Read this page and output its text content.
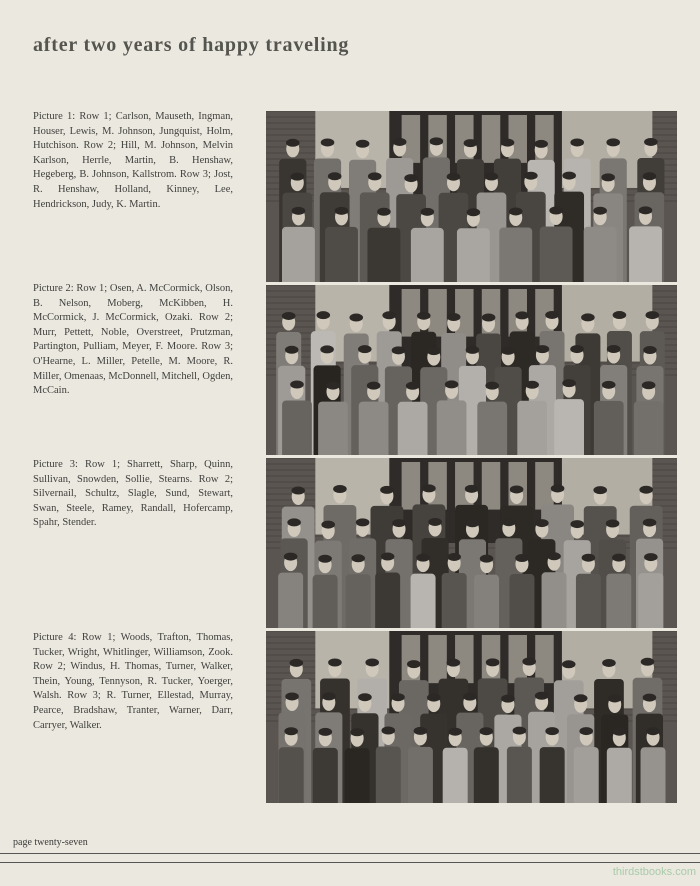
after two years of happy traveling
Picture 1: Row 1; Carlson, Mauseth, Ingman, Houser, Lewis, M. Johnson, Jungquist, Holm, Hutchison. Row 2; Hill, M. Johnson, Melvin Karlson, Herrle, Martin, B. Henshaw, Hegeberg, B. Johnson, Kallstrom. Row 3; Jost, R. Henshaw, Holland, Kinney, Lee, Hendrickson, Judy, K. Martin.
Picture 2: Row 1; Osen, A. McCormick, Olson, B. Nelson, Moberg, McKibben, H. McCormick, J. McCormick, Ozaki. Row 2; Murr, Pettett, Noble, Overstreet, Prutzman, Partington, Pulliam, Meyer, F. Moore. Row 3; O'Hearne, L. Miller, Petelle, M. Moore, R. Miller, Omenaas, McDonnell, Mitchell, Ogden, McCain.
Picture 3: Row 1; Sharrett, Sharp, Quinn, Sullivan, Snowden, Sollie, Stearns. Row 2; Silvernail, Schultz, Slagle, Sund, Stewart, Swan, Steele, Ramey, Randall, Hofercamp, Spahr, Stender.
Picture 4: Row 1; Woods, Trafton, Thomas, Tucker, Wright, Whitlinger, Williamson, Zook. Row 2; Windus, H. Thomas, Turner, Walker, Thein, Young, Tennyson, R. Tucker, Yoerger, Walsh. Row 3; R. Turner, Ellestad, Murray, Pearce, Bradshaw, Tranter, Warner, Darr, Carryer, Walker.
page twenty-seven
thirdstbooks.com
